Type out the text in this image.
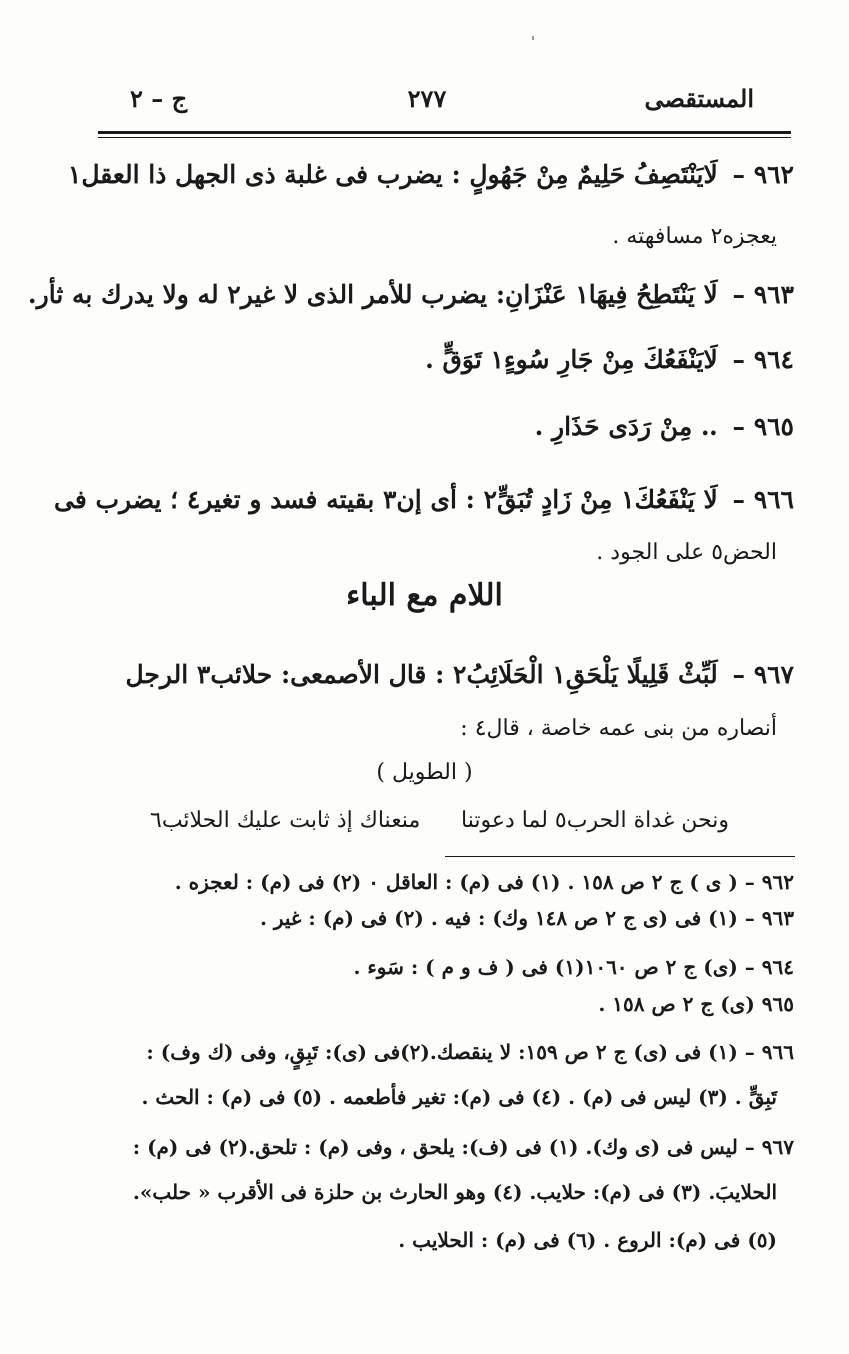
المستقصى
٢٧٧
ج – ٢
٩٦٢ – لَايَنْتَصِفُ حَلِيمٌ مِنْ جَهُولٍ : يضرب فى غلبة ذى الجهل ذا العقل١
يعجزه٢ مسافهته .
٩٦٣ – لَا يَنْتَطِحُ فِيهَا١ عَنْزَانِ: يضرب للأمر الذى لا غير٢ له ولا يدرك به ثأر.
٩٦٤ – لَايَنْفَعُكَ مِنْ جَارِ سُوءٍ١ تَوَقٍّ .
٩٦٥ – ‥ مِنْ رَدَى حَذَارِ .
٩٦٦ – لَا يَنْفَعُكَ١ مِنْ زَادٍ تُبَقٍّ٢ : أى إن٣ بقيته فسد و تغير٤ ؛ يضرب فى
الحض٥ على الجود .
اللام مع الباء
٩٦٧ – لَبِّثْ قَلِيلًا يَلْحَقِ١ الْحَلَائِبُ٢ : قال الأصمعى: حلائب٣ الرجل
أنصاره من بنى عمه خاصة ، قال٤ :
( الطويل )
ونحن غداة الحرب٥ لما دعوتنا
منعناك إذ ثابت عليك الحلائب٦
٩٦٢ – ( ى ) ج ٢ ص ١٥٨ . (١) فى (م) : العاقل ٠ (٢) فى (م) : لعجزه .
٩٦٣ – (١) فى (ى ج ٢ ص ١٤٨ وك) : فيه . (٢) فى (م) : غير .
٩٦٤ – (ى) ج ٢ ص ١٠٦٠(١) فى ( ف و م ) : سَوء .
٩٦٥ (ى) ج ٢ ص ١٥٨ .
٩٦٦ – (١) فى (ى) ج ٢ ص ١٥٩: لا ينقصك.(٢)فى (ى): تَبِقٍ، وفى (ك وف) :
تَبِقٍّ . (٣) ليس فى (م) . (٤) فى (م): تغير فأطعمه . (٥) فى (م) : الحث .
٩٦٧ – ليس فى (ى وك). (١) فى (ف): يلحق ، وفى (م) : تلحق.(٢) فى (م) :
الحلايبَ. (٣) فى (م): حلايب. (٤) وهو الحارث بن حلزة فى الأقرب « حلب».
(٥) فى (م): الروع . (٦) فى (م) : الحلايب .
